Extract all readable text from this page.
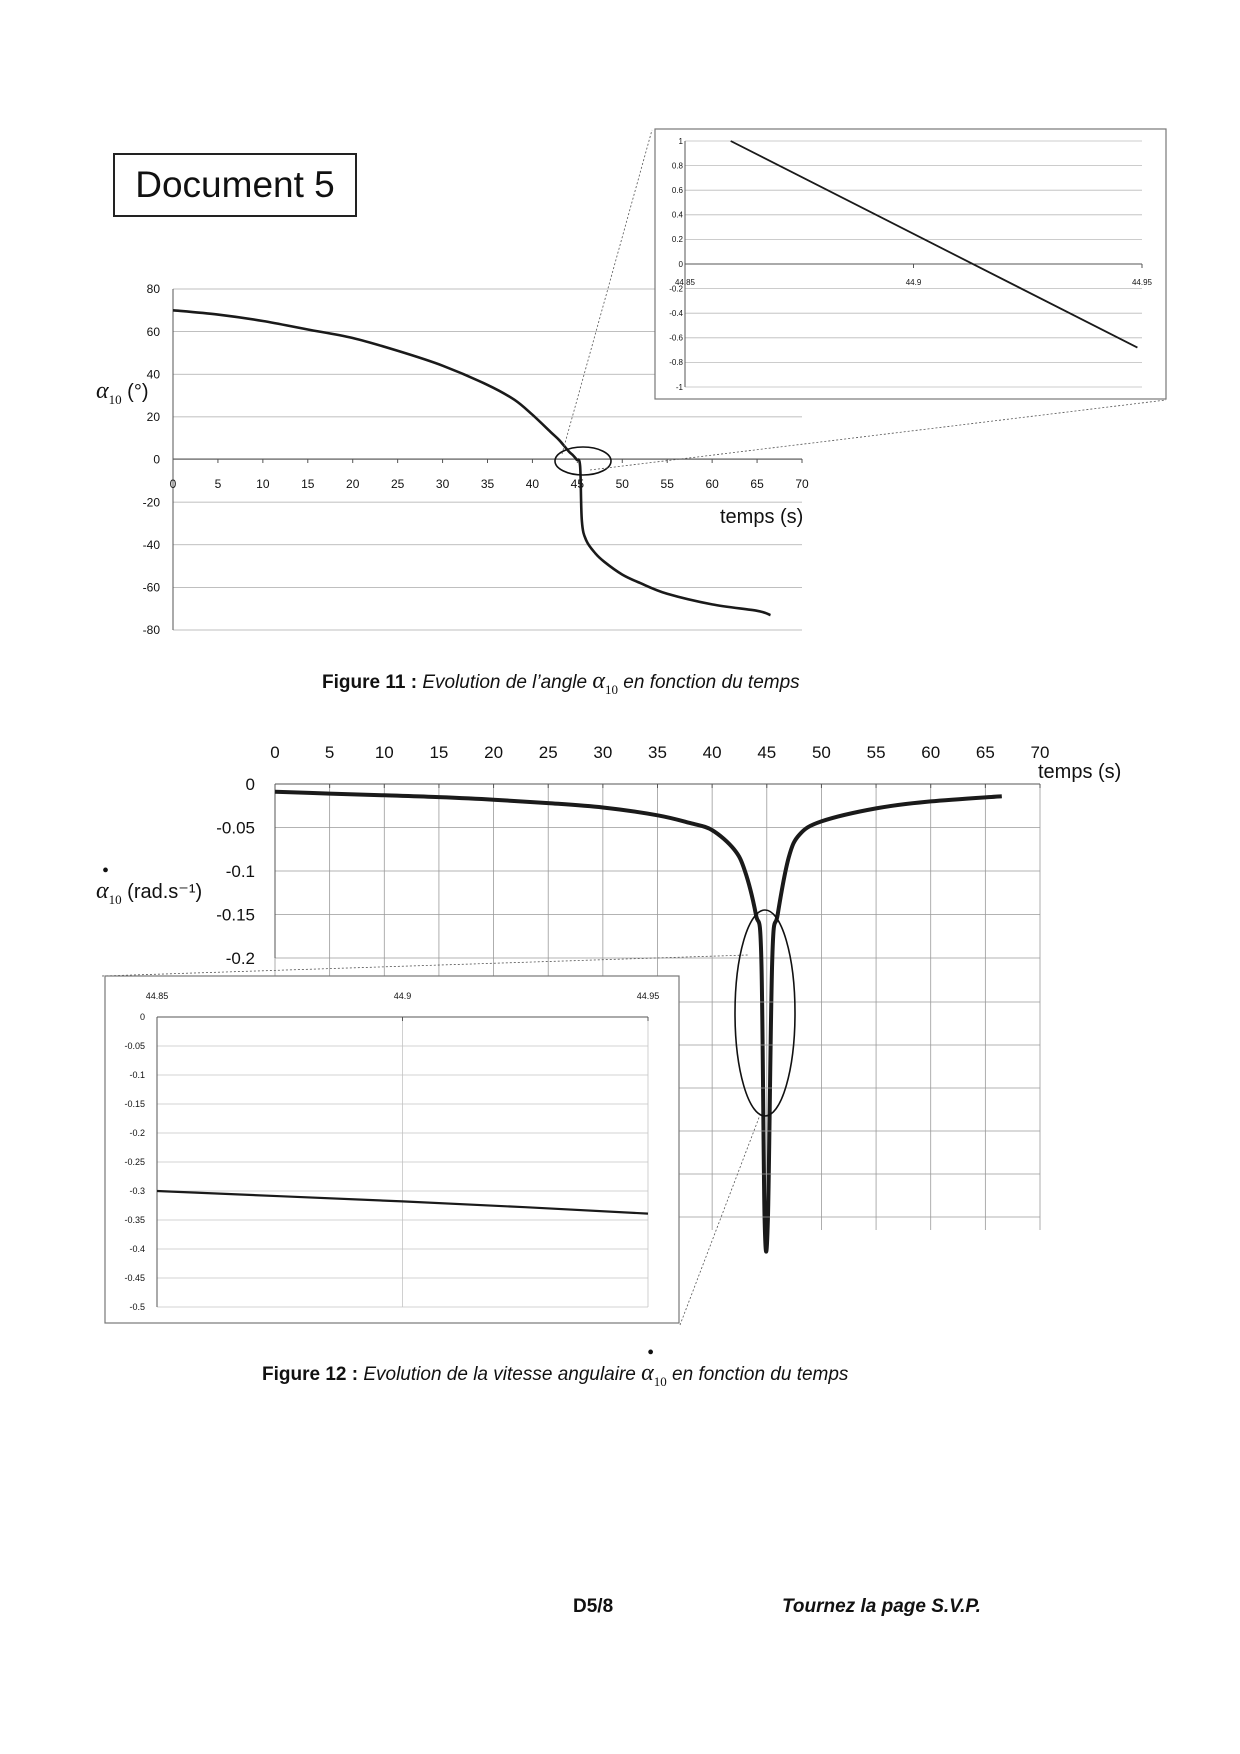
Document 5
$\alpha_{10}$ (°)
80
60
40
20
0
-20
-40
-60
-80
0	5	10	15	20	25	30	35	40	45	50	55	60	65	70
temps (s)
1
0.8
0.6
0.4
0.2
0
-0.2
-0.4
-0.6
-0.8
-1
44.85	44.9	44.95
Figure 11 : Evolution de l’angle $\alpha_{10}$ en fonction du temps
•
$\alpha_{10}$ (rad.s⁻¹)
0
-0.05
-0.1
-0.15
-0.2
0	5 10 15 20 25 30 35 40 45 50 55 60 65 70
temps (s)
0
-0.05
-0.1
-0.15
-0.2
-0.25
-0.3
-0.35
-0.4
-0.45
-0.5
44.85	44.9	44.95
Figure 12 : Evolution de la vitesse angulaire
•
$\alpha_{10}$ en fonction du temps
D5/8	Tournez la page S.V.P.
